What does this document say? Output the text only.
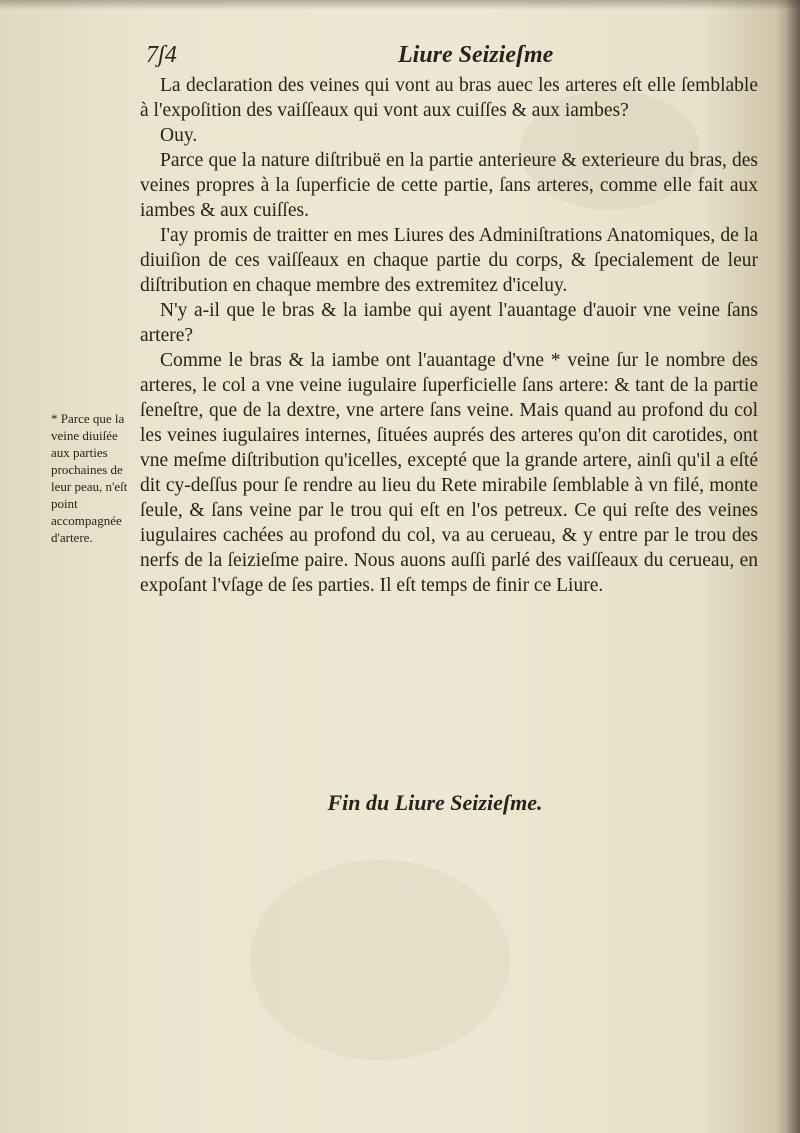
7ʃ4	Liure Seizieſme

La declaration des veines qui vont au bras auec les arteres eſt elle ſemblable à l'expoſition des vaiſſeaux qui vont aux cuiſſes & aux iambes?

Ouy.

Parce que la nature diſtribuë en la partie anterieure & exterieure du bras, des veines propres à la ſuperficie de cette partie, ſans arteres, comme elle fait aux iambes & aux cuiſſes.

I'ay promis de traitter en mes Liures des Adminiſtrations Anatomiques, de la diuiſion de ces vaiſſeaux en chaque partie du corps, & ſpecialement de leur diſtribution en chaque membre des extremitez d'iceluy.

N'y a-il que le bras & la iambe qui ayent l'auantage d'auoir vne veine ſans artere?

Comme le bras & la iambe ont l'auantage d'vne * veine ſur le nombre des arteres, le col a vne veine iugulaire ſuperficielle ſans artere: & tant de la partie ſeneſtre, que de la dextre, vne artere ſans veine. Mais quand au profond du col les veines iugulaires internes, ſituées auprés des arteres qu'on dit carotides, ont vne meſme diſtribution qu'icelles, excepté que la grande artere, ainſi qu'il a eſté dit cy-deſſus pour ſe rendre au lieu du Rete mirabile ſemblable à vn filé, monte ſeule, & ſans veine par le trou qui eſt en l'os petreux. Ce qui reſte des veines iugulaires cachées au profond du col, va au cerueau, & y entre par le trou des nerfs de la ſeizieſme paire. Nous auons auſſi parlé des vaiſſeaux du cerueau, en expoſant l'vſage de ſes parties. Il eſt temps de finir ce Liure.

* Parce que la veine diuiſée aux parties prochaines de leur peau, n'eſt point accompagnée d'artere.
Fin du Liure Seizieſme.
